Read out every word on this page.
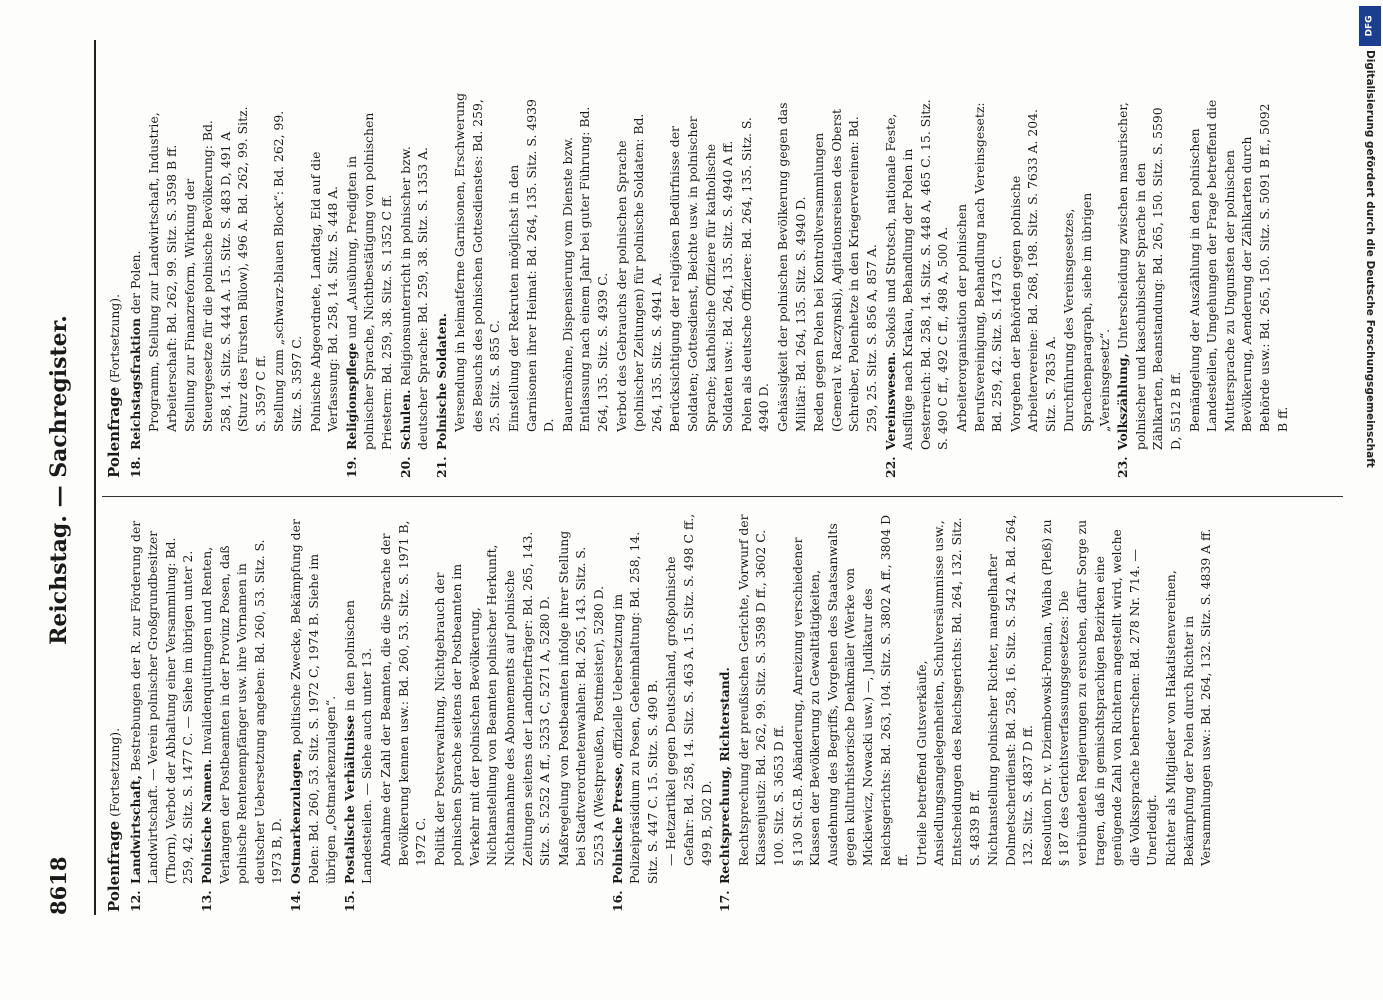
8618
Reichstag. — Sachregister.
Polenfrage (Fortsetzung).
12.
Landwirtschaft, Bestrebungen der R. zur Förderung der Landwirtschaft. — Verein polnischer Großgrundbesitzer (Thorn), Verbot der Abhaltung einer Versammlung: Bd. 259, 42. Sitz. S. 1477 C. — Siehe im übrigen unter 2.
13.
Polnische Namen. Invalidenquittungen und Renten, Verlangen der Postbeamten in der Provinz Posen, daß polnische Rentenempfänger usw. ihre Vornamen in deutscher Uebersetzung angeben: Bd. 260, 53. Sitz. S. 1973 B, D.
14.
Ostmarkenzulagen, politische Zwecke, Bekämpfung der Polen: Bd. 260, 53. Sitz. S. 1972 C, 1974 B. Siehe im übrigen „Ostmarkenzulagen“.
15.
Postalische Verhältnisse in den polnischen Landesteilen. — Siehe auch unter 13. Abnahme der Zahl der Beamten, die die Sprache der Bevölkerung kennen usw.: Bd. 260, 53. Sitz. S. 1971 B, 1972 C. Politik der Postverwaltung, Nichtgebrauch der polnischen Sprache seitens der Postbeamten im Verkehr mit der polnischen Bevölkerung, Nichtanstellung von Beamten polnischer Herkunft, Nichtannahme des Abonnements auf polnische Zeitungen seitens der Landbriefträger: Bd. 265, 143. Sitz. S. 5252 A ff., 5253 C, 5271 A, 5280 D. Maßregelung von Postbeamten infolge ihrer Stellung bei Stadtverordnetenwahlen: Bd. 265, 143. Sitz. S. 5253 A (Westpreußen, Postmeister), 5280 D.
16.
Polnische Presse, offizielle Uebersetzung im Polizeipräsidium zu Posen, Geheimhaltung: Bd. 258, 14. Sitz. S. 447 C. 15. Sitz. S. 490 B. — Hetzartikel gegen Deutschland, großpolnische Gefahr: Bd. 258, 14. Sitz. S. 463 A. 15. Sitz. S. 498 C ff., 499 B, 502 D.
17.
Rechtsprechung, Richterstand. Rechtsprechung der preußischen Gerichte, Vorwurf der Klassenjustiz: Bd. 262, 99. Sitz. S. 3598 D ff., 3602 C. 100. Sitz. S. 3653 D ff. § 130 St.G.B. Abänderung, Anreizung verschiedener Klassen der Bevölkerung zu Gewalttätigkeiten, Ausdehnung des Begriffs, Vorgehen des Staatsanwalts gegen kulturhistorische Denkmäler (Werke von Mickiewicz, Nowacki usw.) —, Judikatur des Reichsgerichts: Bd. 263, 104. Sitz. S. 3802 A ff., 3804 D ff. Urteile betreffend Gutsverkäufe, Ansiedlungsangelegenheiten, Schulversäumnisse usw., Entscheidungen des Reichsgerichts: Bd. 264, 132. Sitz. S. 4839 B ff. Nichtanstellung polnischer Richter, mangelhafter Dolmetscherdienst: Bd. 258, 16. Sitz. S. 542 A. Bd. 264, 132. Sitz. S. 4837 D ff. Resolution Dr. v. Dziembowski-Pomian, Waiba (Pleß) zu § 187 des Gerichtsverfassungsgesetzes: Die verbündeten Regierungen zu ersuchen, dafür Sorge zu tragen, daß in gemischtsprachigen Bezirken eine genügende Zahl von Richtern angestellt wird, welche die Volkssprache beherrschen: Bd. 278 Nr. 714. — Unerledigt. Richter als Mitglieder von Hakatistenvereinen, Bekämpfung der Polen durch Richter in Versammlungen usw.: Bd. 264, 132. Sitz. S. 4839 A ff.
Polenfrage (Fortsetzung).
18.
Reichstagsfraktion der Polen. Programm, Stellung zur Landwirtschaft, Industrie, Arbeiterschaft: Bd. 262, 99. Sitz. S. 3598 B ff. Stellung zur Finanzreform, Wirkung der Steuergesetze für die polnische Bevölkerung: Bd. 258, 14. Sitz. S. 444 A. 15. Sitz. S. 483 D, 491 A (Sturz des Fürsten Bülow), 496 A. Bd. 262, 99. Sitz. S. 3597 C ff. Stellung zum „schwarz-blauen Block“: Bd. 262, 99. Sitz. S. 3597 C. Polnische Abgeordnete, Landtag, Eid auf die Verfassung: Bd. 258, 14. Sitz. S. 448 A.
19.
Religionspflege und „Ausübung, Predigten in polnischer Sprache, Nichtbestätigung von polnischen Priestern: Bd. 259, 38. Sitz. S. 1352 C ff.
20.
Schulen. Religionsunterricht in polnischer bzw. deutscher Sprache: Bd. 259, 38. Sitz. S. 1353 A.
21.
Polnische Soldaten. Versendung in heimatferne Garnisonen, Erschwerung des Besuchs des polnischen Gottesdienstes: Bd. 259, 25. Sitz. S. 855 C. Einstellung der Rekruten möglichst in den Garnisonen ihrer Heimat: Bd. 264, 135. Sitz. S. 4939 D. Bauernsöhne, Dispensierung vom Dienste bzw. Entlassung nach einem Jahr bei guter Führung: Bd. 264, 135. Sitz. S. 4939 C. Verbot des Gebrauchs der polnischen Sprache (polnischer Zeitungen) für polnische Soldaten: Bd. 264, 135. Sitz. S. 4941 A. Berücksichtigung der religiösen Bedürfnisse der Soldaten; Gottesdienst, Beichte usw. in polnischer Sprache; katholische Offiziere für katholische Soldaten usw.: Bd. 264, 135. Sitz. S. 4940 A ff. Polen als deutsche Offiziere: Bd. 264, 135. Sitz. S. 4940 D. Gehässigkeit der polnischen Bevölkerung gegen das Militär: Bd. 264, 135. Sitz. S. 4940 D. Reden gegen Polen bei Kontrollversammlungen (General v. Raczynski), Agitationsreisen des Oberst Schreiber, Polenhetze in den Kriegervereinen: Bd. 259, 25. Sitz. S. 856 A, 857 A.
22.
Vereinswesen. Sokols und Strotsch, nationale Feste, Ausflüge nach Krakau, Behandlung der Polen in Oesterreich: Bd. 258, 14. Sitz. S. 448 A, 465 C. 15. Sitz. S. 490 C ff., 492 C ff., 498 A, 500 A. Arbeiterorganisation der polnischen Berufsvereinigung, Behandlung nach Vereinsgesetz: Bd. 259, 42. Sitz. S. 1473 C. Vorgehen der Behörden gegen polnische Arbeitervereine: Bd. 268, 198. Sitz. S. 7633 A. 204. Sitz. S. 7835 A. Durchführung des Vereinsgesetzes, Sprachenparagraph, siehe im übrigen „Vereinsgesetz“.
23.
Volkszählung, Unterscheidung zwischen masurischer, polnischer und kaschubischer Sprache in den Zählkarten, Beanstandung: Bd. 265, 150. Sitz. S. 5590 D, 5512 B ff. Bemängelung der Auszählung in den polnischen Landesteilen, Umgehungen der Frage betreffend die Muttersprache zu Ungunsten der polnischen Bevölkerung, Aenderung der Zählkarten durch Behörde usw.: Bd. 265, 150. Sitz. S. 5091 B ff., 5092 B ff.
DFG
Digitalisierung gefördert durch die Deutsche Forschungsgemeinschaft
